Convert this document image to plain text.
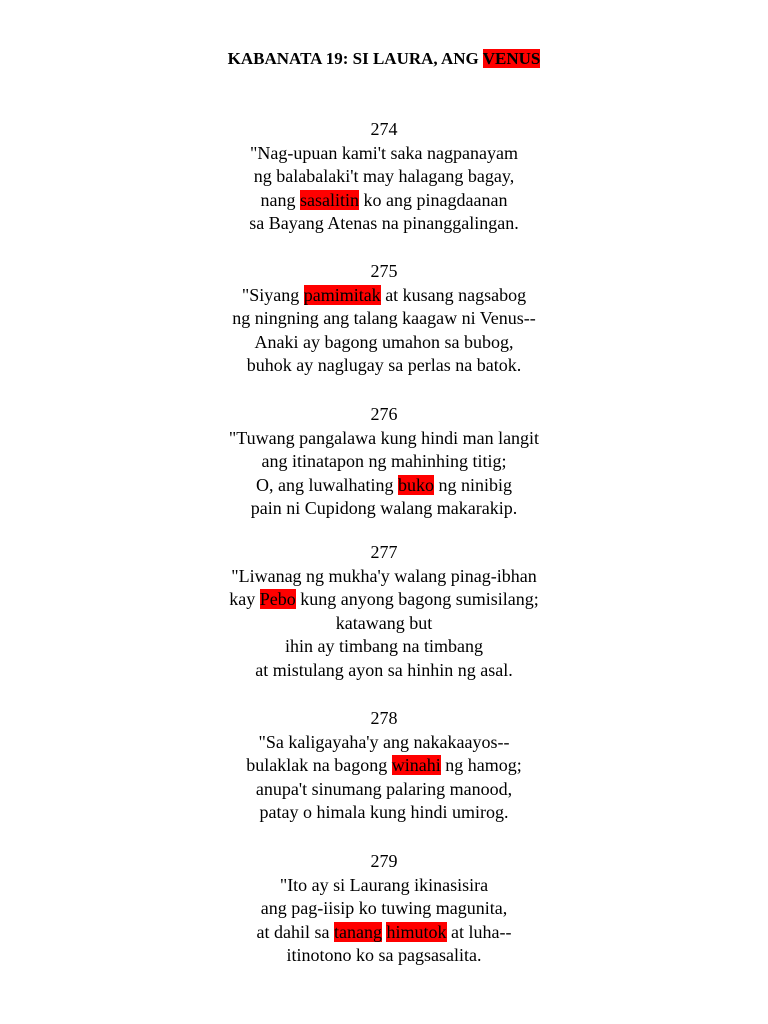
KABANATA 19: SI LAURA, ANG VENUS
274
"Nag-upuan kami't saka nagpanayam
ng balabalaki't may halagang bagay,
nang sasalitin ko ang pinagdaanan
sa Bayang Atenas na pinanggalingan.
275
"Siyang pamimitak at kusang nagsabog
ng ningning ang talang kaagaw ni Venus--
Anaki ay bagong umahon sa bubog,
buhok ay naglugay sa perlas na batok.
276
"Tuwang pangalawa kung hindi man langit
ang itinatapon ng mahinhing titig;
O, ang luwalhating buko ng ninibig
pain ni Cupidong walang makarakip.
277
"Liwanag ng mukha'y walang pinag-ibhan
kay Pebo kung anyong bagong sumisilang;
katawang but
ihin ay timbang na timbang
at mistulang ayon sa hinhin ng asal.
278
"Sa kaligayaha'y ang nakakaayos--
bulaklak na bagong winahi ng hamog;
anupa't sinumang palaring manood,
patay o himala kung hindi umirog.
279
"Ito ay si Laurang ikinasisira
ang pag-iisip ko tuwing magunita,
at dahil sa tanang himutok at luha--
itinotono ko sa pagsasalita.
